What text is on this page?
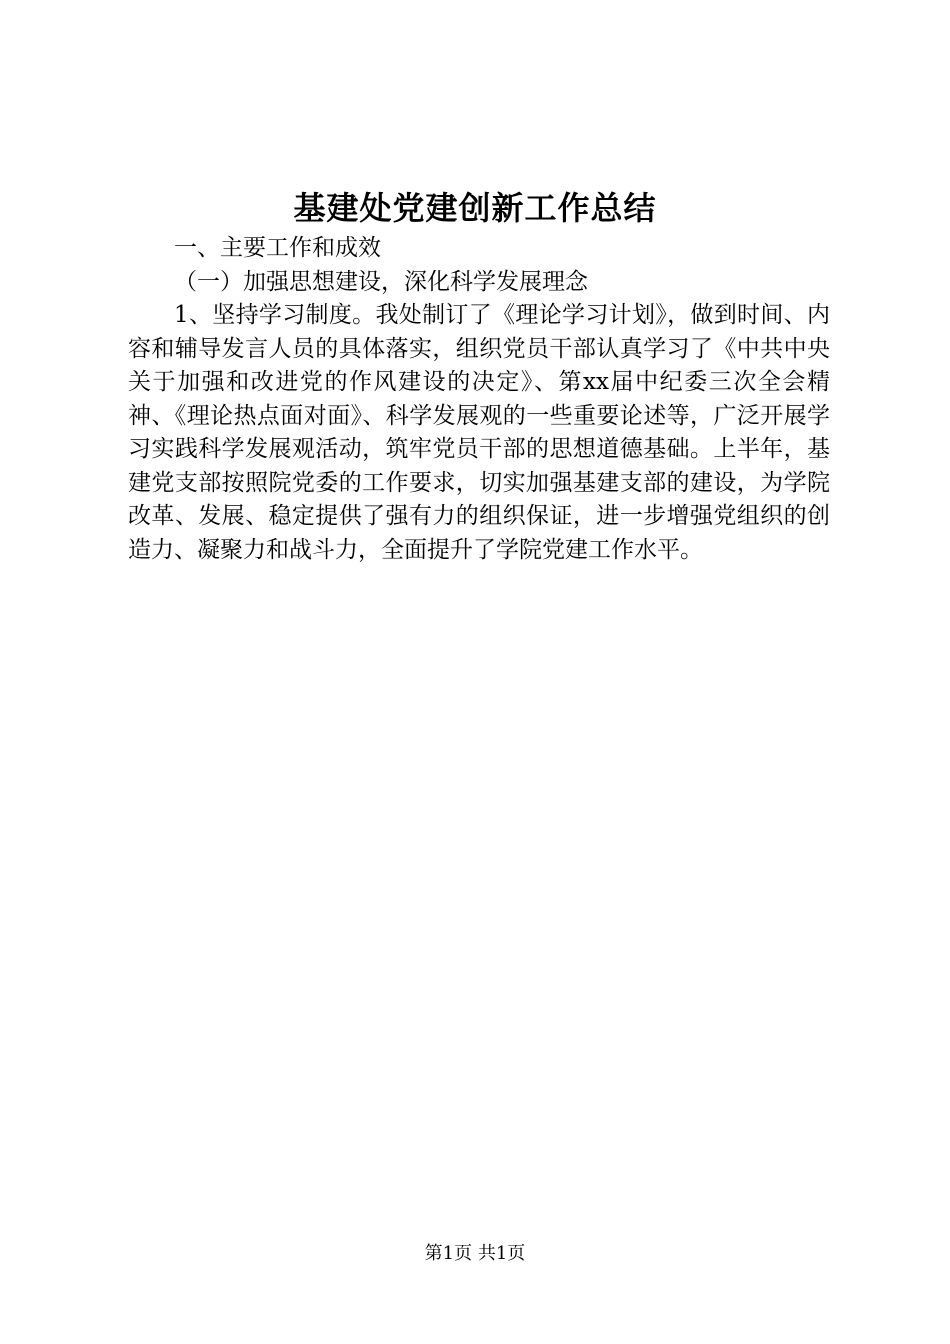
基建处党建创新工作总结

一、主要工作和成效

（一）加强思想建设，深化科学发展理念

1、坚持学习制度。我处制订了《理论学习计划》，做到时间、内容和辅导发言人员的具体落实，组织党员干部认真学习了《中共中央关于加强和改进党的作风建设的决定》、第xx届中纪委三次全会精神、《理论热点面对面》、科学发展观的一些重要论述等，广泛开展学习实践科学发展观活动，筑牢党员干部的思想道德基础。上半年，基建党支部按照院党委的工作要求，切实加强基建支部的建设，为学院改革、发展、稳定提供了强有力的组织保证，进一步增强党组织的创造力、凝聚力和战斗力，全面提升了学院党建工作水平。

第1页 共1页
